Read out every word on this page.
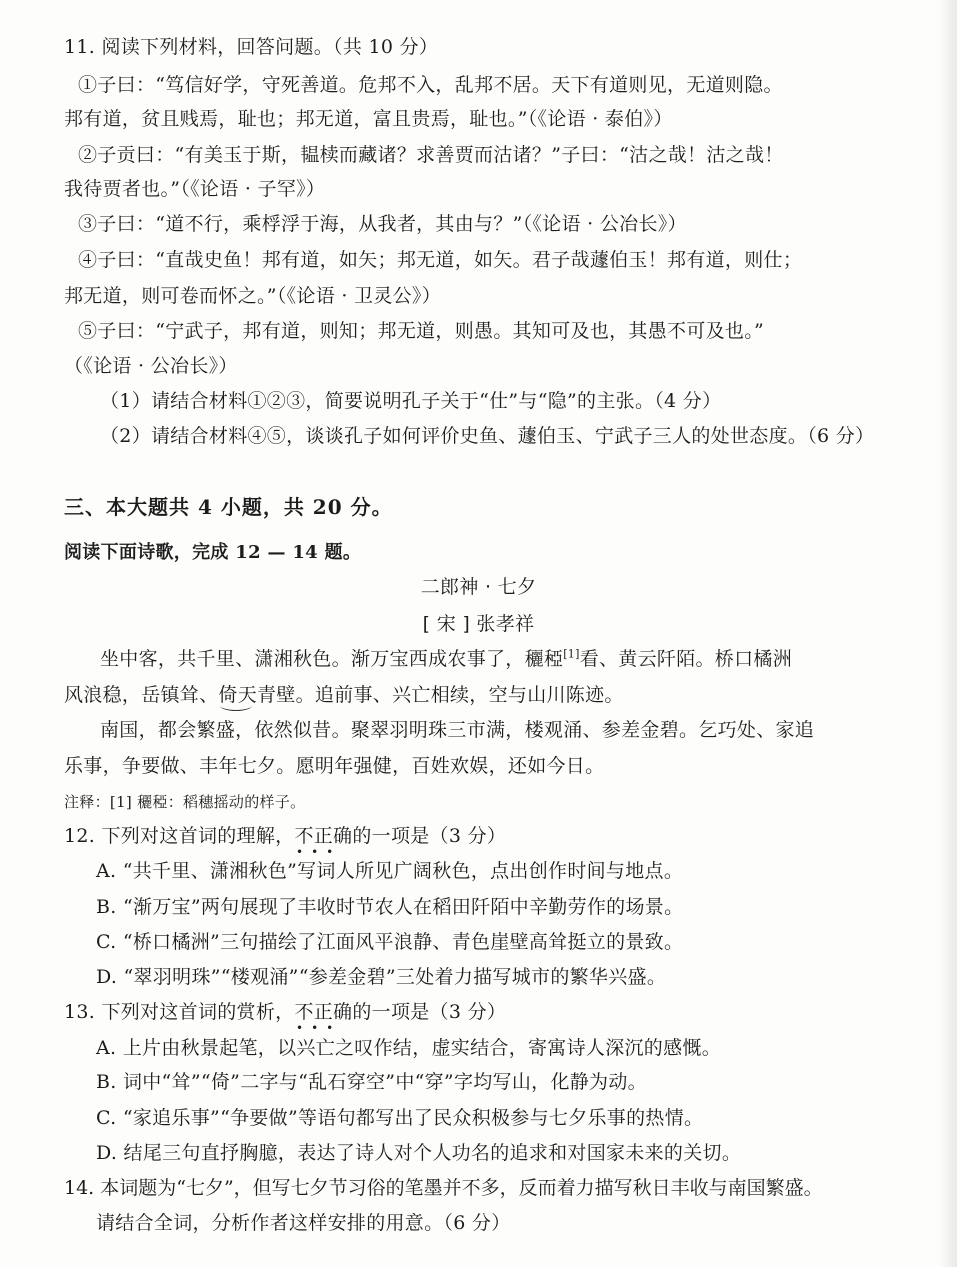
11. 阅读下列材料，回答问题。（共 10 分）
①子曰：“笃信好学，守死善道。危邦不入，乱邦不居。天下有道则见，无道则隐。
邦有道，贫且贱焉，耻也；邦无道，富且贵焉，耻也。”（《论语 · 泰伯》）
②子贡曰：“有美玉于斯，韫椟而藏诸？求善贾而沽诸？”子曰：“沽之哉！沽之哉！
我待贾者也。”（《论语 · 子罕》）
③子曰：“道不行，乘桴浮于海，从我者，其由与？”（《论语 · 公冶长》）
④子曰：“直哉史鱼！邦有道，如矢；邦无道，如矢。君子哉蘧伯玉！邦有道，则仕；
邦无道，则可卷而怀之。”（《论语 · 卫灵公》）
⑤子曰：“宁武子，邦有道，则知；邦无道，则愚。其知可及也，其愚不可及也。”
（《论语 · 公冶长》）
（1）请结合材料①②③，简要说明孔子关于“仕”与“隐”的主张。（4 分）
（2）请结合材料④⑤，谈谈孔子如何评价史鱼、蘧伯玉、宁武子三人的处世态度。（6 分）
三、本大题共 4 小题，共 20 分。
阅读下面诗歌，完成 12 — 14 题。
二郎神 · 七夕
[ 宋 ] 张孝祥
坐中客，共千里、潇湘秋色。渐万宝西成农事了，穲稏[1]看、黄云阡陌。桥口橘洲
风浪稳，岳镇耸、倚天青壁。追前事、兴亡相续，空与山川陈迹。
南国，都会繁盛，依然似昔。聚翠羽明珠三市满，楼观涌、参差金碧。乞巧处、家追
乐事，争要做、丰年七夕。愿明年强健，百姓欢娱，还如今日。
注释：[1] 穲稏：稻穗摇动的样子。
12. 下列对这首词的理解，不正确的一项是（3 分）
•••
A. “共千里、潇湘秋色”写词人所见广阔秋色，点出创作时间与地点。
B. “渐万宝”两句展现了丰收时节农人在稻田阡陌中辛勤劳作的场景。
C. “桥口橘洲”三句描绘了江面风平浪静、青色崖壁高耸挺立的景致。
D. “翠羽明珠”“楼观涌”“参差金碧”三处着力描写城市的繁华兴盛。
13. 下列对这首词的赏析，不正确的一项是（3 分）
•••
A. 上片由秋景起笔，以兴亡之叹作结，虚实结合，寄寓诗人深沉的感慨。
B. 词中“耸”“倚”二字与“乱石穿空”中“穿”字均写山，化静为动。
C. “家追乐事”“争要做”等语句都写出了民众积极参与七夕乐事的热情。
D. 结尾三句直抒胸臆，表达了诗人对个人功名的追求和对国家未来的关切。
14. 本词题为“七夕”，但写七夕节习俗的笔墨并不多，反而着力描写秋日丰收与南国繁盛。
请结合全词，分析作者这样安排的用意。（6 分）
